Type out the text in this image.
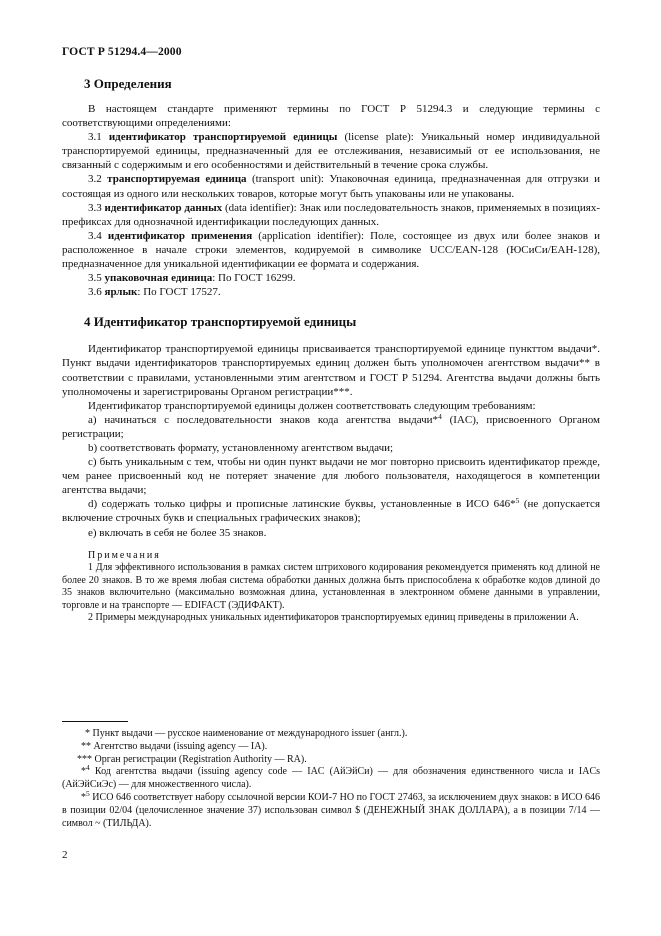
ГОСТ Р 51294.4—2000
3 Определения

В настоящем стандарте применяют термины по ГОСТ Р 51294.3 и следующие термины с соответствующими определениями:

3.1 идентификатор транспортируемой единицы (license plate): Уникальный номер индивидуальной транспортируемой единицы, предназначенный для ее отслеживания, независимый от ее использования, не связанный с содержимым и его особенностями и действительный в течение срока службы.

3.2 транспортируемая единица (transport unit): Упаковочная единица, предназначенная для отгрузки и состоящая из одного или нескольких товаров, которые могут быть упакованы или не упакованы.

3.3 идентификатор данных (data identifier): Знак или последовательность знаков, применяемых в позициях-префиксах для однозначной идентификации последующих данных.

3.4 идентификатор применения (application identifier): Поле, состоящее из двух или более знаков и расположенное в начале строки элементов, кодируемой в символике UCC/EAN-128 (ЮСиСи/ЕАН-128), предназначенное для уникальной идентификации ее формата и содержания.

3.5 упаковочная единица: По ГОСТ 16299.

3.6 ярлык: По ГОСТ 17527.

4 Идентификатор транспортируемой единицы

Идентификатор транспортируемой единицы присваивается транспортируемой единице пункттом выдачи*. Пункт выдачи идентификаторов транспортируемых единиц должен быть уполномочен агентством выдачи** в соответствии с правилами, установленными этим агентством и ГОСТ Р 51294. Агентства выдачи должны быть уполномочены и зарегистрированы Органом регистрации***.

Идентификатор транспортируемой единицы должен соответствовать следующим требованиям:

а) начинаться с последовательности знаков кода агентства выдачи*$^4$ (IAC), присвоенного Органом регистрации;

b) соответствовать формату, установленному агентством выдачи;

с) быть уникальным с тем, чтобы ни один пункт выдачи не мог повторно присвоить идентификатор прежде, чем ранее присвоенный код не потеряет значение для любого пользователя, находящегося в компетенции агентства выдачи;

d) содержать только цифры и прописные латинские буквы, установленные в ИСО 646*$^5$ (не допускается включение строчных букв и специальных графических знаков);

е) включать в себя не более 35 знаков.

Примечания

1 Для эффективного использования в рамках систем штрихового кодирования рекомендуется применять код длиной не более 20 знаков. В то же время любая система обработки данных должна быть приспособлена к обработке кодов длиной до 35 знаков включительно (максимально возможная длина, установленная в электронном обмене данными в управлении, торговле и на транспорте — EDIFACT (ЭДИФАКТ).

2 Примеры международных уникальных идентификаторов транспортируемых единиц приведены в приложении А.

* Пункт выдачи — русское наименование от международного issuer (англ.).

** Агентство выдачи (issuing agency — IA).

*** Орган регистрации (Registration Authority — RA).

*$^4$ Код агентства выдачи (issuing agency code — IAC (АйЭйСи) — для обозначения единственного числа и IACs (АйЭйСиЭс) — для множественного числа).

*$^5$ ИСО 646 соответствует набору ссылочной версии КОИ-7 НО по ГОСТ 27463, за исключением двух знаков: в ИСО 646 в позиции 02/04 (целочисленное значение 37) использован символ $ (ДЕНЕЖНЫЙ ЗНАК ДОЛЛАРА), а в позиции 7/14 — символ ~ (ТИЛЬДА).

2
